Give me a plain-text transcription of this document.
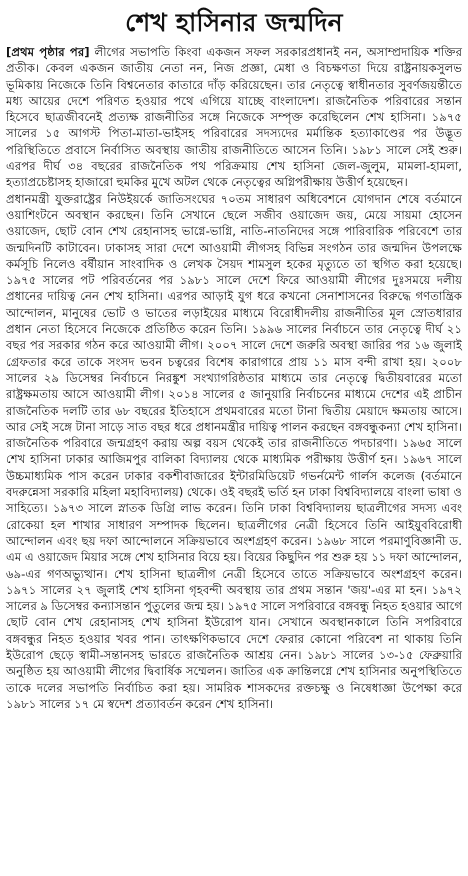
শেখ হাসিনার জন্মদিন

[প্রথম পৃষ্ঠার পর] লীগের সভাপতি কিংবা একজন সফল সরকারপ্রধানই নন, অসাম্প্রদায়িক শক্তির প্রতীক। কেবল একজন জাতীয় নেতা নন, নিজ প্রজ্ঞা, মেধা ও বিচক্ষণতা দিয়ে রাষ্ট্রনায়কসুলভ ভূমিকায় নিজেকে তিনি বিশ্বনেতার কাতারে দাঁড় করিয়েছেন। তার নেতৃত্বে স্বাধীনতার সুবর্ণজয়ন্তীতে মধ্য আয়ের দেশে পরিণত হওয়ার পথে এগিয়ে যাচ্ছে বাংলাদেশ। রাজনৈতিক পরিবারের সন্তান হিসেবে ছাত্রজীবনেই প্রত্যক্ষ রাজনীতির সঙ্গে নিজেকে সম্পৃক্ত করেছিলেন শেখ হাসিনা। ১৯৭৫ সালের ১৫ আগস্ট পিতা-মাতা-ভাইসহ পরিবারের সদস্যদের মর্মান্তিক হত্যাকাণ্ডের পর উদ্ভূত পরিস্থিতিতে প্রবাসে নির্বাসিত অবস্থায় জাতীয় রাজনীতিতে আসেন তিনি। ১৯৮১ সালে সেই শুরু। এরপর দীর্ঘ ৩৪ বছরের রাজনৈতিক পথ পরিক্রমায় শেখ হাসিনা জেল-জুলুম, মামলা-হামলা, হত্যাপ্রচেষ্টাসহ হাজারো হুমকির মুখে অটল থেকে নেতৃত্বের অগ্নিপরীক্ষায় উত্তীর্ণ হয়েছেন।

প্রধানমন্ত্রী যুক্তরাষ্ট্রের নিউইয়র্কে জাতিসংঘের ৭০তম সাধারণ অধিবেশনে যোগদান শেষে বর্তমানে ওয়াশিংটনে অবস্থান করছেন। তিনি সেখানে ছেলে সজীব ওয়াজেদ জয়, মেয়ে সায়মা হোসেন ওয়াজেদ, ছোট বোন শেখ রেহানাসহ ভাগ্নে-ভাগ্নি, নাতি-নাতনিদের সঙ্গে পারিবারিক পরিবেশে তার জন্মদিনটি কাটাবেন। ঢাকাসহ সারা দেশে আওয়ামী লীগসহ বিভিন্ন সংগঠন তার জন্মদিন উপলক্ষে কর্মসূচি নিলেও বর্ষীয়ান সাংবাদিক ও লেখক সৈয়দ শামসুল হকের মৃত্যুতে তা স্থগিত করা হয়েছে। ১৯৭৫ সালের পট পরিবর্তনের পর ১৯৮১ সালে দেশে ফিরে আওয়ামী লীগের দুঃসময়ে দলীয় প্রধানের দায়িত্ব নেন শেখ হাসিনা। এরপর আড়াই যুগ ধরে কখনো সেনাশাসনের বিরুদ্ধে গণতান্ত্রিক আন্দোলন, মানুষের ভোট ও ভাতের লড়াইয়ের মাধ্যমে বিরোধীদলীয় রাজনীতির মূল স্রোতধারার প্রধান নেতা হিসেবে নিজেকে প্রতিষ্ঠিত করেন তিনি। ১৯৯৬ সালের নির্বাচনে তার নেতৃত্বে দীর্ঘ ২১ বছর পর সরকার গঠন করে আওয়ামী লীগ। ২০০৭ সালে দেশে জরুরি অবস্থা জারির পর ১৬ জুলাই গ্রেফতার করে তাকে সংসদ ভবন চত্বরের বিশেষ কারাগারে প্রায় ১১ মাস বন্দী রাখা হয়। ২০০৮ সালের ২৯ ডিসেম্বর নির্বাচনে নিরঙ্কুশ সংখ্যাগরিষ্ঠতার মাধ্যমে তার নেতৃত্বে দ্বিতীয়বারের মতো রাষ্ট্রক্ষমতায় আসে আওয়ামী লীগ। ২০১৪ সালের ৫ জানুয়ারি নির্বাচনের মাধ্যমে দেশের এই প্রাচীন রাজনৈতিক দলটি তার ৬৮ বছরের ইতিহাসে প্রথমবারের মতো টানা দ্বিতীয় মেয়াদে ক্ষমতায় আসে। আর সেই সঙ্গে টানা সাড়ে সাত বছর ধরে প্রধানমন্ত্রীর দায়িত্ব পালন করছেন বঙ্গবন্ধুকন্যা শেখ হাসিনা। রাজনৈতিক পরিবারে জন্মগ্রহণ করায় অল্প বয়স থেকেই তার রাজনীতিতে পদচারণা। ১৯৬৫ সালে শেখ হাসিনা ঢাকার আজিমপুর বালিকা বিদ্যালয় থেকে মাধ্যমিক পরীক্ষায় উত্তীর্ণ হন। ১৯৬৭ সালে উচ্চমাধ্যমিক পাস করেন ঢাকার বকশীবাজারের ইন্টারমিডিয়েট গভর্নমেন্ট গার্লস কলেজ (বর্তমানে বদরুন্নেসা সরকারি মহিলা মহাবিদ্যালয়) থেকে। ওই বছরই ভর্তি হন ঢাকা বিশ্ববিদ্যালয়ে বাংলা ভাষা ও সাহিত্যে। ১৯৭৩ সালে স্নাতক ডিগ্রি লাভ করেন। তিনি ঢাকা বিশ্ববিদ্যালয় ছাত্রলীগের সদস্য এবং রোকেয়া হল শাখার সাধারণ সম্পাদক ছিলেন। ছাত্রলীগের নেত্রী হিসেবে তিনি আইয়ুববিরোধী আন্দোলন এবং ছয় দফা আন্দোলনে সক্রিয়ভাবে অংশগ্রহণ করেন। ১৯৬৮ সালে পরমাণুবিজ্ঞানী ড. এম এ ওয়াজেদ মিয়ার সঙ্গে শেখ হাসিনার বিয়ে হয়। বিয়ের কিছুদিন পর শুরু হয় ১১ দফা আন্দোলন, ৬৯-এর গণঅভ্যুত্থান। শেখ হাসিনা ছাত্রলীগ নেত্রী হিসেবে তাতে সক্রিয়ভাবে অংশগ্রহণ করেন। ১৯৭১ সালের ২৭ জুলাই শেখ হাসিনা গৃহবন্দী অবস্থায় তার প্রথম সন্তান 'জয়'-এর মা হন। ১৯৭২ সালের ৯ ডিসেম্বর কন্যাসন্তান পুতুলের জন্ম হয়। ১৯৭৫ সালে সপরিবারে বঙ্গবন্ধু নিহত হওয়ার আগে ছোট বোন শেখ রেহানাসহ শেখ হাসিনা ইউরোপ যান। সেখানে অবস্থানকালে তিনি সপরিবারে বঙ্গবন্ধুর নিহত হওয়ার খবর পান। তাৎক্ষণিকভাবে দেশে ফেরার কোনো পরিবেশ না থাকায় তিনি ইউরোপ ছেড়ে স্বামী-সন্তানসহ ভারতে রাজনৈতিক আশ্রয় নেন। ১৯৮১ সালের ১৩-১৫ ফেব্রুয়ারি অনুষ্ঠিত হয় আওয়ামী লীগের দ্বিবার্ষিক সম্মেলন। জাতির এক ক্রান্তিলগ্নে শেখ হাসিনার অনুপস্থিতিতে তাকে দলের সভাপতি নির্বাচিত করা হয়। সামরিক শাসকদের রক্তচক্ষু ও নিষেধাজ্ঞা উপেক্ষা করে ১৯৮১ সালের ১৭ মে স্বদেশ প্রত্যাবর্তন করেন শেখ হাসিনা।
